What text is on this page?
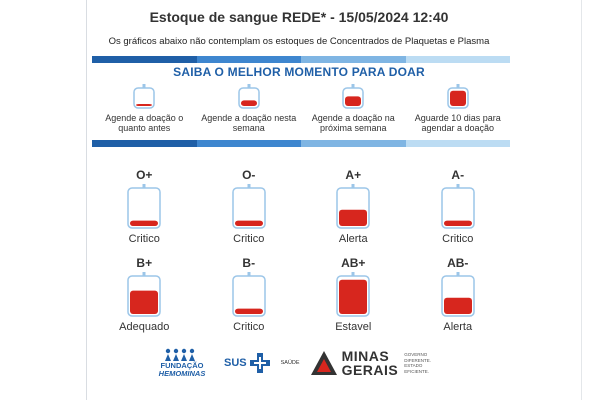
Estoque de sangue REDE* - 15/05/2024 12:40
Os gráficos abaixo não contemplam os estoques de Concentrados de Plaquetas e Plasma
SAIBA O MELHOR MOMENTO PARA DOAR
Agende a doação o quanto antes
Agende a doação nesta semana
Agende a doação na próxima semana
Aguarde 10 dias para agendar a doação
O+
Critico
O-
Critico
A+
Alerta
A-
Critico
B+
Adequado
B-
Critico
AB+
Estavel
AB-
Alerta
FUNDAÇÃO
HEMOMINAS
SUS	SAÚDE	MINAS
GERAIS
GOVERNO
DIFERENTE.
ESTADO
EFICIENTE.
